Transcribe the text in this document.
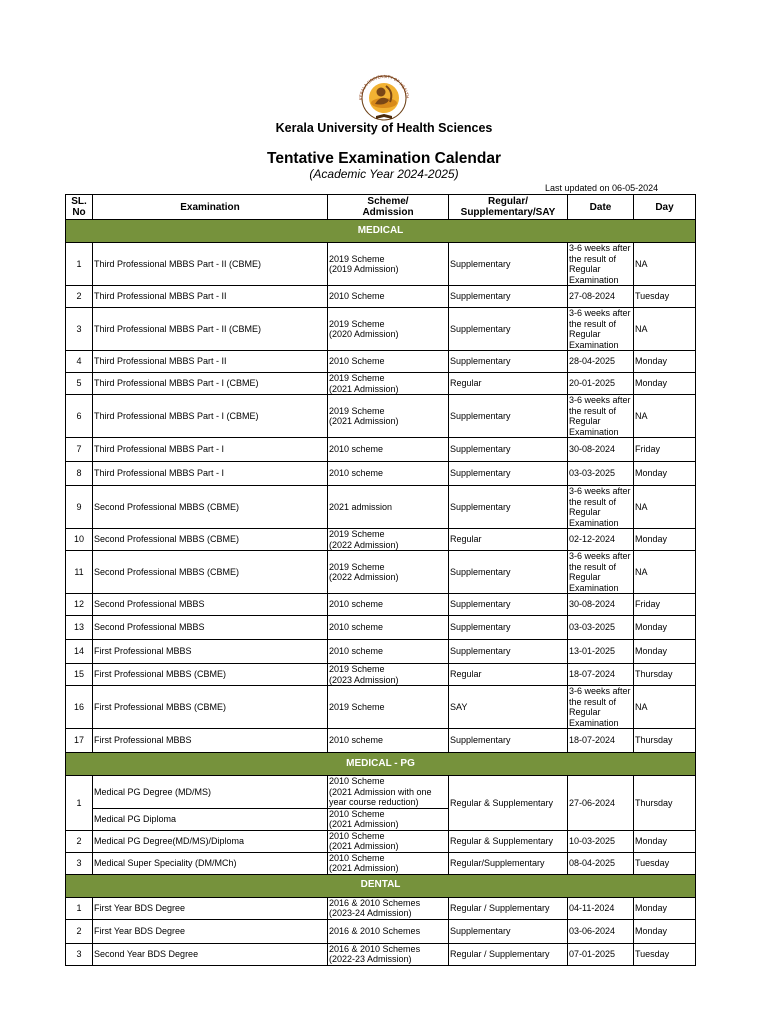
KERALA UNIVERSITY OF HEALTH
Kerala University of Health Sciences
Tentative Examination Calendar
(Academic Year 2024-2025)
Last updated on 06-05-2024
SL.
No	Examination	Scheme/
Admission	Regular/
Supplementary/SAY	Date	Day
MEDICAL					
1	Third Professional MBBS Part - II (CBME)	2019 Scheme
(2019 Admission)	Supplementary	3-6 weeks after the result of Regular Examination	NA
2	Third Professional MBBS Part - II	2010 Scheme	Supplementary	27-08-2024	Tuesday
3	Third Professional MBBS Part - II (CBME)	2019 Scheme
(2020 Admission)	Supplementary	3-6 weeks after the result of Regular Examination	NA
4	Third Professional MBBS Part - II	2010 Scheme	Supplementary	28-04-2025	Monday
5	Third Professional MBBS Part - I (CBME)	2019 Scheme
(2021 Admission)	Regular	20-01-2025	Monday
6	Third Professional MBBS Part - I (CBME)	2019 Scheme
(2021 Admission)	Supplementary	3-6 weeks after the result of Regular Examination	NA
7	Third Professional MBBS Part - I	2010 scheme	Supplementary	30-08-2024	Friday
8	Third Professional MBBS Part - I	2010 scheme	Supplementary	03-03-2025	Monday
9	Second Professional MBBS (CBME)	2021 admission	Supplementary	3-6 weeks after the result of Regular Examination	NA
10	Second Professional MBBS (CBME)	2019 Scheme
(2022 Admission)	Regular	02-12-2024	Monday
11	Second Professional MBBS (CBME)	2019 Scheme
(2022 Admission)	Supplementary	3-6 weeks after the result of Regular Examination	NA
12	Second Professional MBBS	2010 scheme	Supplementary	30-08-2024	Friday
13	Second Professional MBBS	2010 scheme	Supplementary	03-03-2025	Monday
14	First Professional MBBS	2010 scheme	Supplementary	13-01-2025	Monday
15	First Professional MBBS (CBME)	2019 Scheme
(2023 Admission)	Regular	18-07-2024	Thursday
16	First Professional MBBS (CBME)	2019 Scheme	SAY	3-6 weeks after the result of Regular Examination	NA
17	First Professional MBBS	2010 scheme	Supplementary	18-07-2024	Thursday
MEDICAL - PG					
1	Medical PG Degree (MD/MS)	2010 Scheme
(2021 Admission with one year course reduction)	Regular & Supplementary	27-06-2024	Thursday
	Medical PG Diploma	2010 Scheme
(2021 Admission)			
2	Medical PG Degree(MD/MS)/Diploma	2010 Scheme
(2021 Admission)	Regular & Supplementary	10-03-2025	Monday
3	Medical Super Speciality (DM/MCh)	2010 Scheme
(2021 Admission)	Regular/Supplementary	08-04-2025	Tuesday
DENTAL					
1	First Year BDS Degree	2016 & 2010 Schemes
(2023-24 Admission)	Regular / Supplementary	04-11-2024	Monday
2	First Year BDS Degree	2016 & 2010 Schemes	Supplementary	03-06-2024	Monday
3	Second Year BDS Degree	2016 & 2010 Schemes
(2022-23 Admission)	Regular / Supplementary	07-01-2025	Tuesday
